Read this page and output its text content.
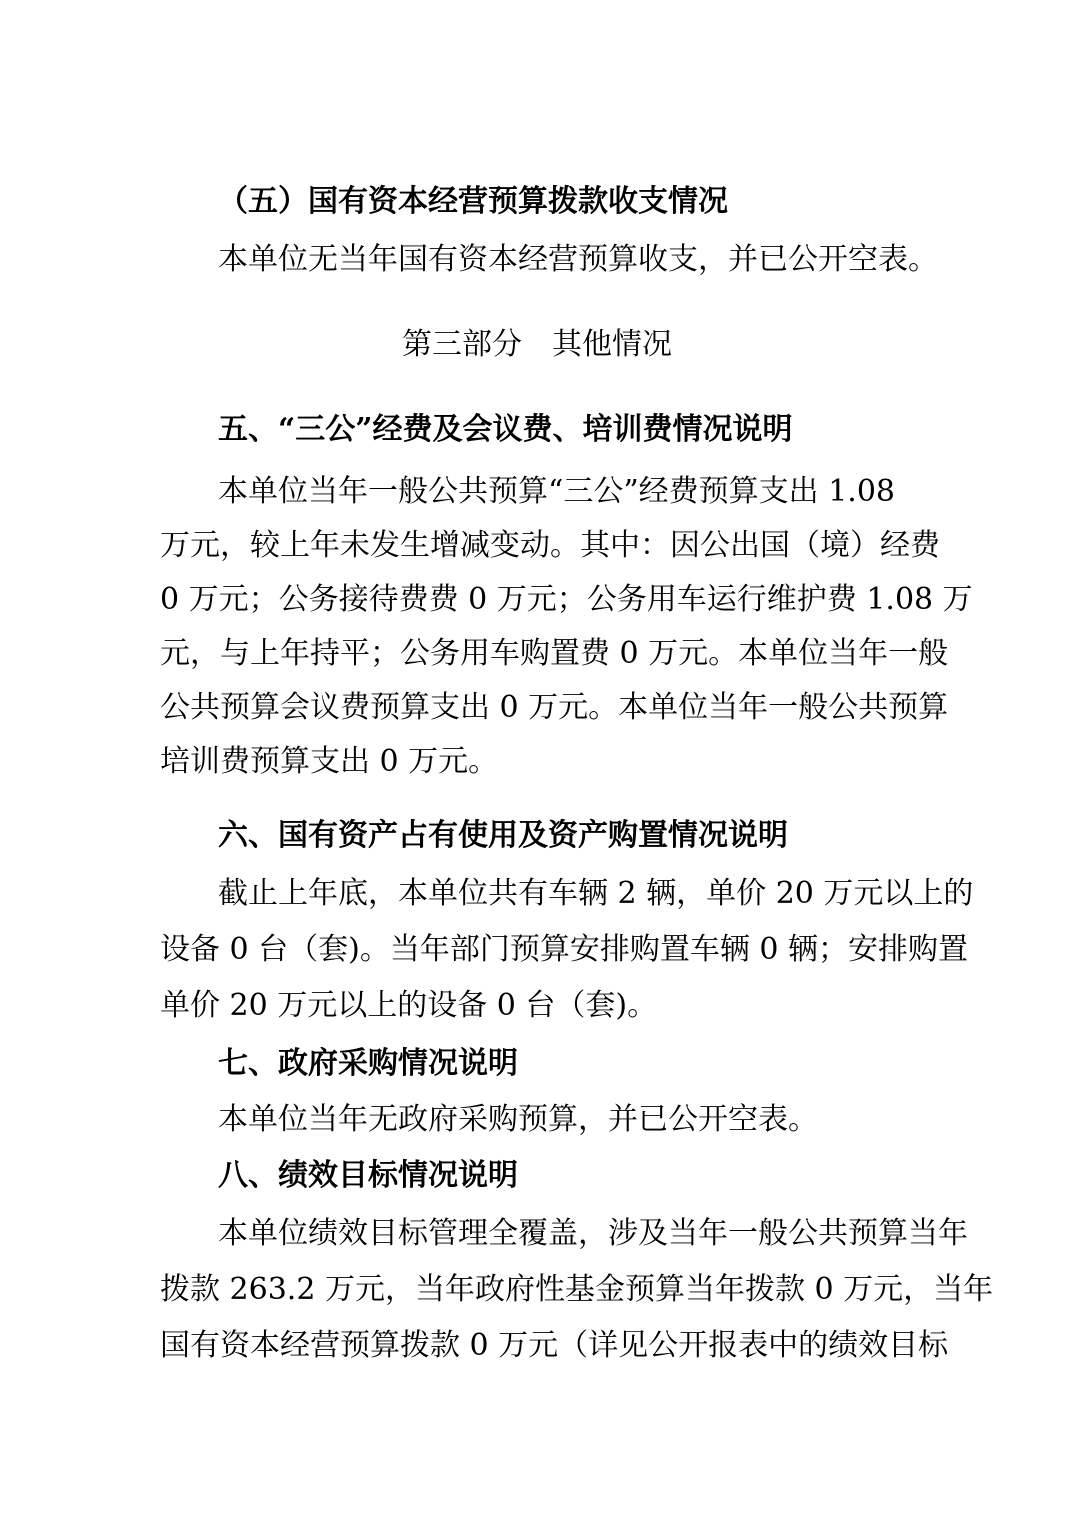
（五）国有资本经营预算拨款收支情况
本单位无当年国有资本经营预算收支，并已公开空表。
第三部分　其他情况
五、“三公”经费及会议费、培训费情况说明
本单位当年一般公共预算“三公”经费预算支出 1.08
万元，较上年未发生增减变动。其中：因公出国（境）经费
0 万元；公务接待费费 0 万元；公务用车运行维护费 1.08 万
元，与上年持平；公务用车购置费 0 万元。本单位当年一般
公共预算会议费预算支出 0 万元。本单位当年一般公共预算
培训费预算支出 0 万元。
六、国有资产占有使用及资产购置情况说明
截止上年底，本单位共有车辆 2 辆，单价 20 万元以上的
设备 0 台（套)。当年部门预算安排购置车辆 0 辆；安排购置
单价 20 万元以上的设备 0 台（套)。
七、政府采购情况说明
本单位当年无政府采购预算，并已公开空表。
八、绩效目标情况说明
本单位绩效目标管理全覆盖，涉及当年一般公共预算当年
拨款 263.2 万元，当年政府性基金预算当年拨款 0 万元，当年
国有资本经营预算拨款 0 万元（详见公开报表中的绩效目标
